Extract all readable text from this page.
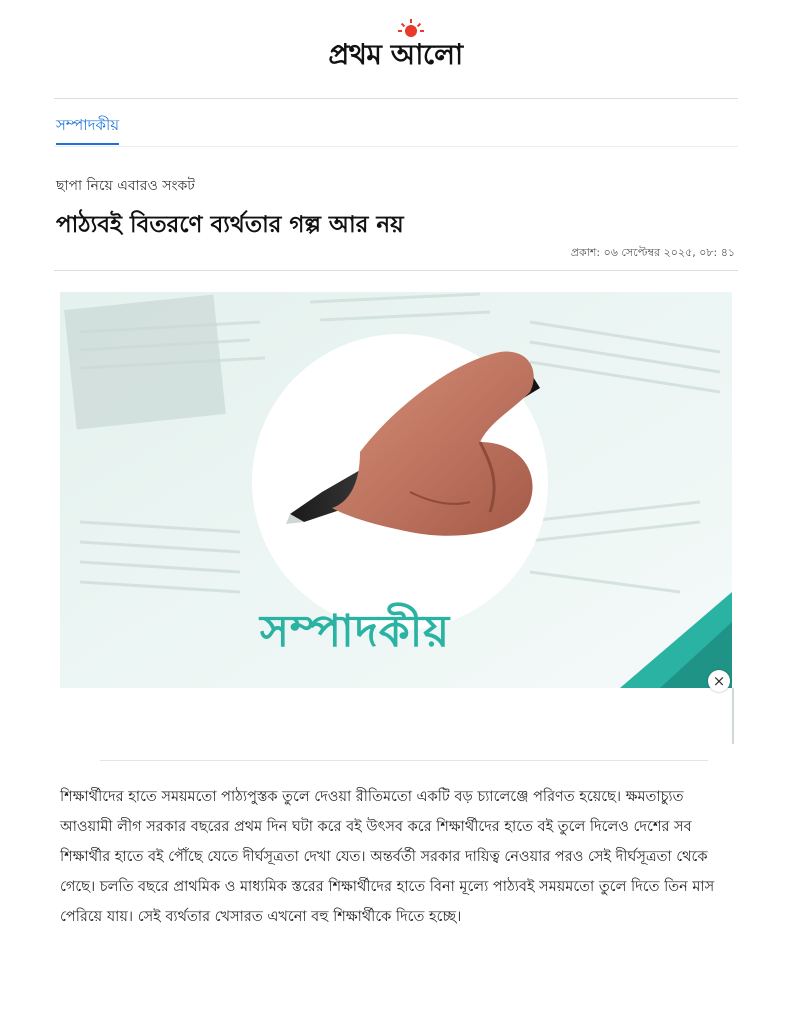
প্রথম আলো
সম্পাদকীয়
ছাপা নিয়ে এবারও সংকট
পাঠ্যবই বিতরণে ব্যর্থতার গল্প আর নয়
প্রকাশ: ০৬ সেপ্টেম্বর ২০২৫, ০৮: ৪১
সম্পাদকীয়
×

শিক্ষার্থীদের হাতে সময়মতো পাঠ্যপুস্তক তুলে দেওয়া রীতিমতো একটি বড় চ্যালেঞ্জে পরিণত হয়েছে। ক্ষমতাচ্যুত আওয়ামী লীগ সরকার বছরের প্রথম দিন ঘটা করে বই উৎসব করে শিক্ষার্থীদের হাতে বই তুলে দিলেও দেশের সব শিক্ষার্থীর হাতে বই পৌঁছে যেতে দীর্ঘসূত্রতা দেখা যেত। অন্তর্বর্তী সরকার দায়িত্ব নেওয়ার পরও সেই দীর্ঘসূত্রতা থেকে গেছে। চলতি বছরে প্রাথমিক ও মাধ্যমিক স্তরের শিক্ষার্থীদের হাতে বিনা মূল্যে পাঠ্যবই সময়মতো তুলে দিতে তিন মাস পেরিয়ে যায়। সেই ব্যর্থতার খেসারত এখনো বহু শিক্ষার্থীকে দিতে হচ্ছে।
